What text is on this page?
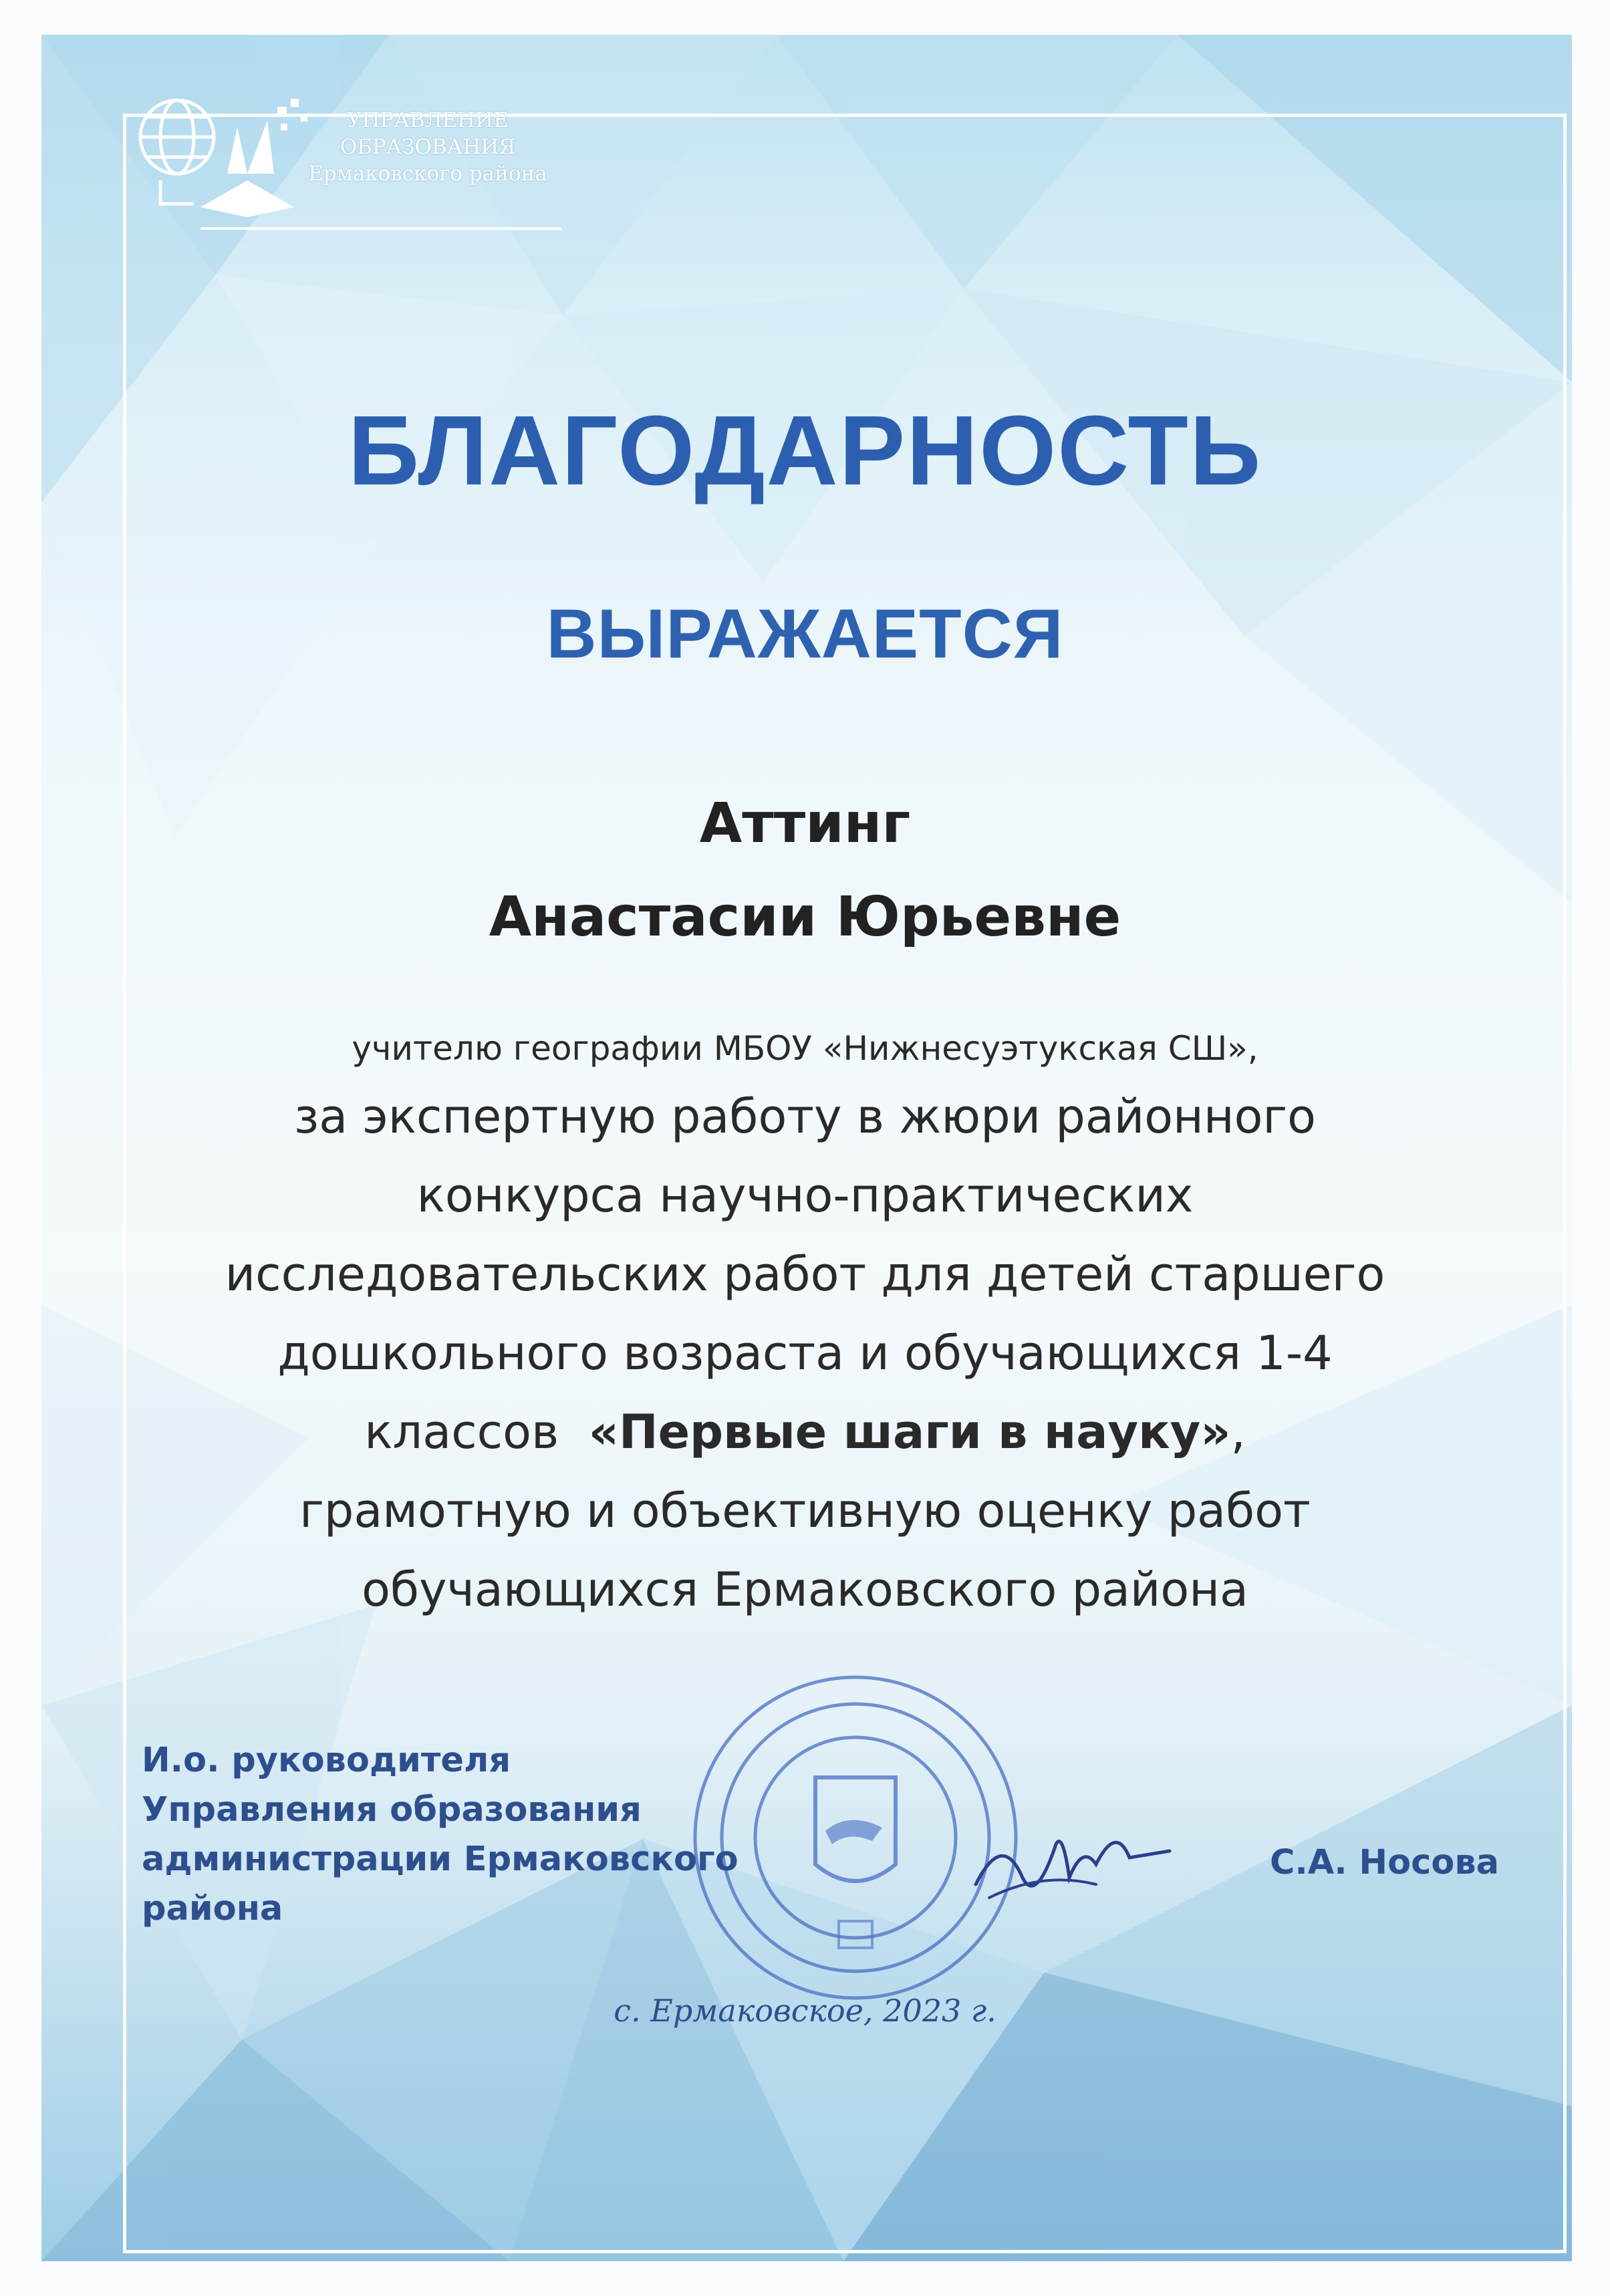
УПРАВЛЕНИЕ
ОБРАЗОВАНИЯ
Ермаковского района
БЛАГОДАРНОСТЬ
ВЫРАЖАЕТСЯ
Аттинг
Анастасии Юрьевне
учителю географии МБОУ «Нижнесуэтукская СШ»,
за экспертную работу в жюри районного
конкурса научно-практических
исследовательских работ для детей старшего
дошкольного возраста и обучающихся 1-4
классов «Первые шаги в науку»,
грамотную и объективную оценку работ
обучающихся Ермаковского района
И.о. руководителя
Управления образования
администрации Ермаковского района
С.А. Носова
с. Ермаковское, 2023 г.
